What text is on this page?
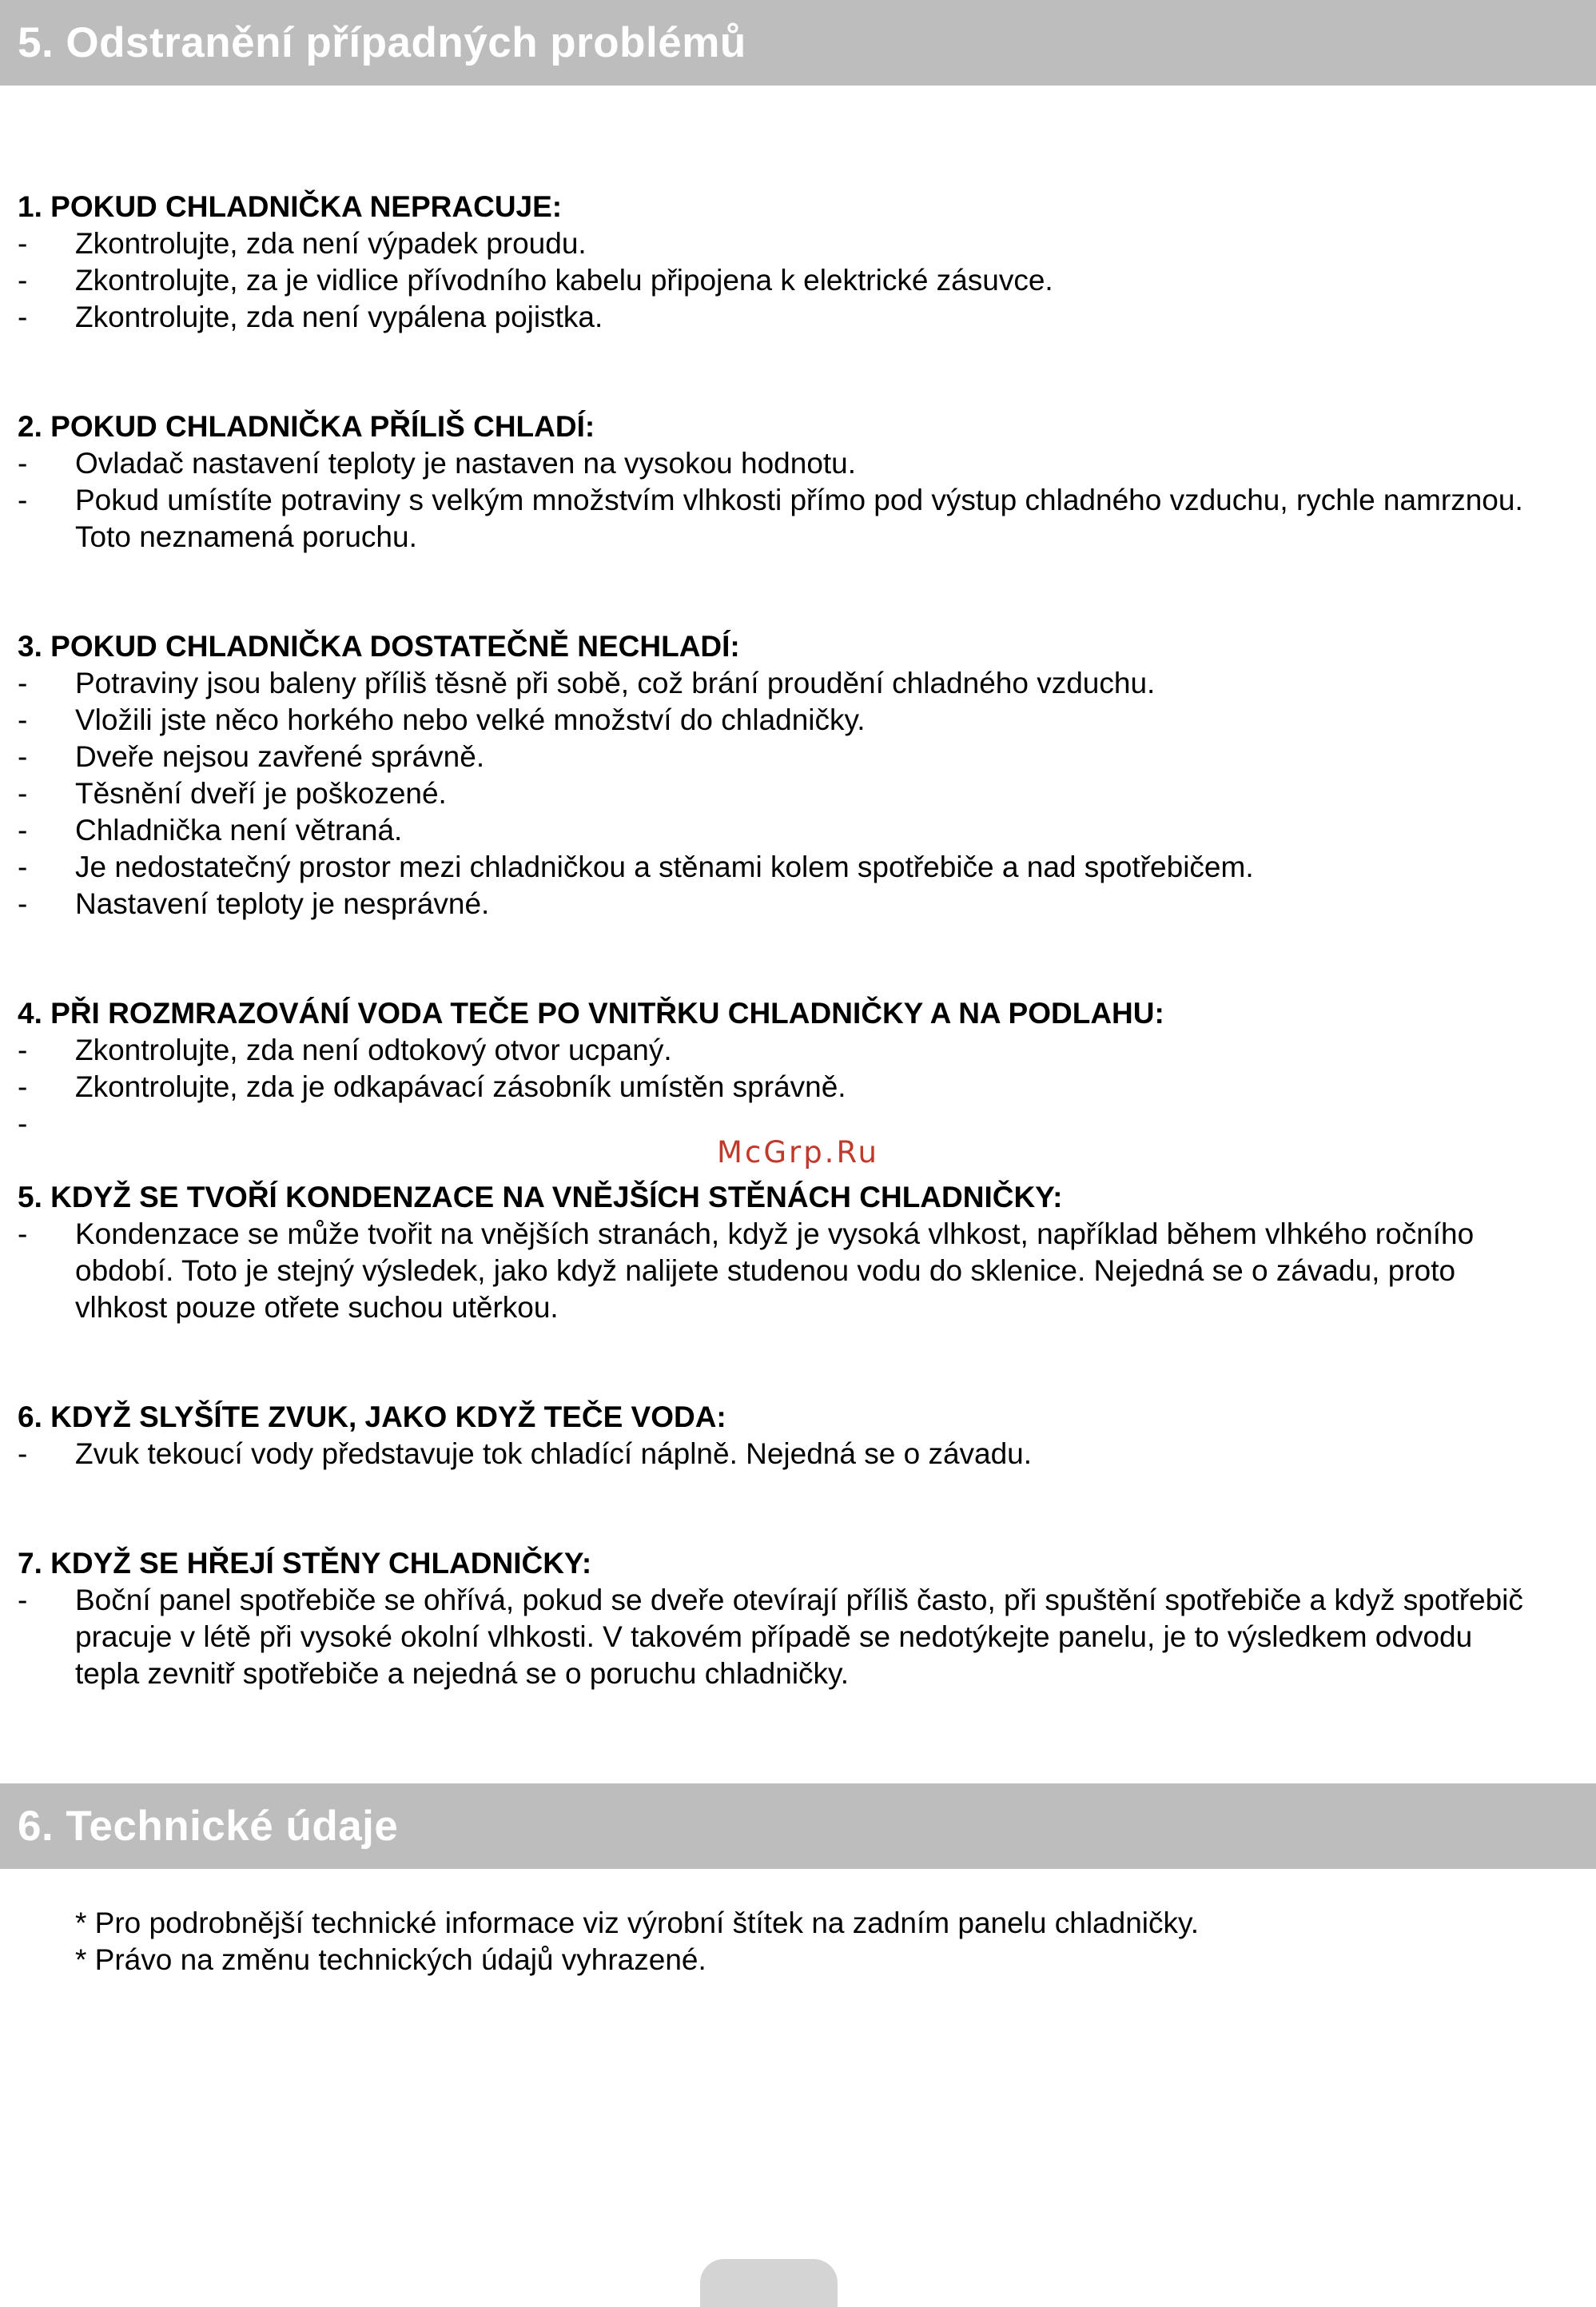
5. Odstranění případných problémů
1. POKUD CHLADNIČKA NEPRACUJE:
-	Zkontrolujte, zda není výpadek proudu.
-	Zkontrolujte, za je vidlice přívodního kabelu připojena k elektrické zásuvce.
-	Zkontrolujte, zda není vypálena pojistka.
2. POKUD CHLADNIČKA PŘÍLIŠ CHLADÍ:
-	Ovladač nastavení teploty je nastaven na vysokou hodnotu.
-	Pokud umístíte potraviny s velkým množstvím vlhkosti přímo pod výstup chladného vzduchu, rychle namrznou. Toto neznamená poruchu.
3. POKUD CHLADNIČKA DOSTATEČNĚ NECHLADÍ:
-	Potraviny jsou baleny příliš těsně při sobě, což brání proudění chladného vzduchu.
-	Vložili jste něco horkého nebo velké množství do chladničky.
-	Dveře nejsou zavřené správně.
-	Těsnění dveří je poškozené.
-	Chladnička není větraná.
-	Je nedostatečný prostor mezi chladničkou a stěnami kolem spotřebiče a nad spotřebičem.
-	Nastavení teploty je nesprávné.
4. PŘI ROZMRAZOVÁNÍ VODA TEČE PO VNITŘKU CHLADNIČKY A NA PODLAHU:
-	Zkontrolujte, zda není odtokový otvor ucpaný.
-	Zkontrolujte, zda je odkapávací zásobník umístěn správně.
-
5. KDYŽ SE TVOŘÍ KONDENZACE NA VNĚJŠÍCH STĚNÁCH CHLADNIČKY:
-	Kondenzace se může tvořit na vnějších stranách, když je vysoká vlhkost, například během vlhkého ročního období. Toto je stejný výsledek, jako když nalijete studenou vodu do sklenice. Nejedná se o závadu, proto vlhkost pouze otřete suchou utěrkou.
6. KDYŽ SLYŠÍTE ZVUK, JAKO KDYŽ TEČE VODA:
-	Zvuk tekoucí vody představuje tok chladící náplně. Nejedná se o závadu.
7. KDYŽ SE HŘEJÍ STĚNY CHLADNIČKY:
-	Boční panel spotřebiče se ohřívá, pokud se dveře otevírají příliš často, při spuštění spotřebiče a když spotřebič pracuje v létě při vysoké okolní vlhkosti. V takovém případě se nedotýkejte panelu, je to výsledkem odvodu tepla zevnitř spotřebiče a nejedná se o poruchu chladničky.
McGrp.Ru
6. Technické údaje

* Pro podrobnější technické informace viz výrobní štítek na zadním panelu chladničky.

* Právo na změnu technických údajů vyhrazené.
